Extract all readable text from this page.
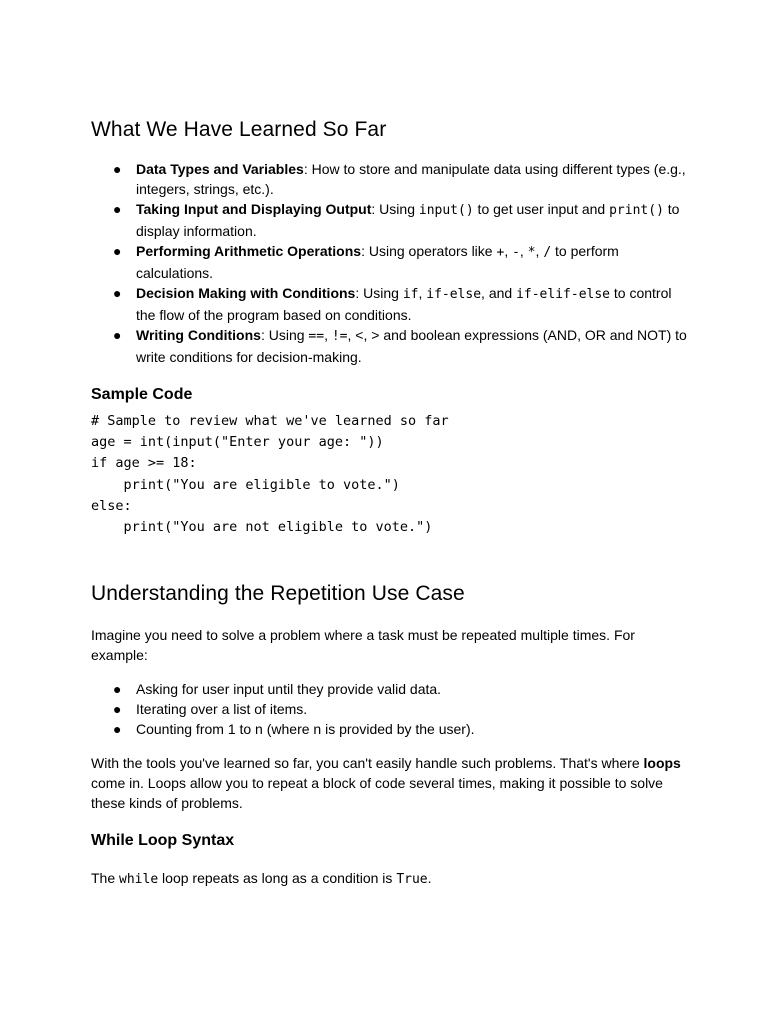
What We Have Learned So Far
● Data Types and Variables: How to store and manipulate data using different types (e.g., integers, strings, etc.).
● Taking Input and Displaying Output: Using input() to get user input and print() to display information.
● Performing Arithmetic Operations: Using operators like +, -, *, / to perform calculations.
● Decision Making with Conditions: Using if, if-else, and if-elif-else to control the flow of the program based on conditions.
● Writing Conditions: Using ==, !=, <, > and boolean expressions (AND, OR and NOT) to write conditions for decision-making.
Sample Code
# Sample to review what we've learned so far
age = int(input("Enter your age: "))
if age >= 18:
print("You are eligible to vote.")
else:
print("You are not eligible to vote.")
Understanding the Repetition Use Case

Imagine you need to solve a problem where a task must be repeated multiple times. For example:

● Asking for user input until they provide valid data.
● Iterating over a list of items.
● Counting from 1 to n (where n is provided by the user).

With the tools you've learned so far, you can't easily handle such problems. That's where loops come in. Loops allow you to repeat a block of code several times, making it possible to solve these kinds of problems.

While Loop Syntax

The while loop repeats as long as a condition is True.
